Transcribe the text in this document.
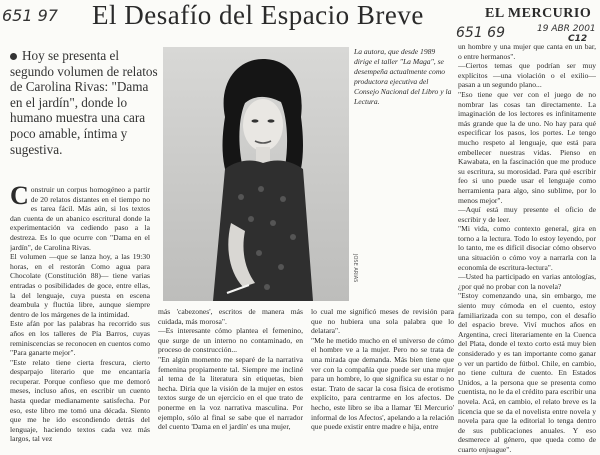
651 97 El Desafío del Espacio Breve	EL MERCURIO
19 ABR 2001
C12
651 69
Hoy se presenta el segundo volumen de relatos de Carolina Rivas: "Dama en el jardín", donde lo humano muestra una cara poco amable, íntima y sugestiva.
La autora, que desde 1989 dirige el taller "La Maga", se desempeña actualmente como productora ejecutiva del Consejo Nacional del Libro y la Lectura.
JOSE ARIAS
Construir un corpus homogéneo a partir de 20 relatos distantes en el tiempo no es tarea fácil. Más aún, si los textos dan cuenta de un abanico escritural donde la experimentación va cediendo paso a la destreza. Es lo que ocurre con "Dama en el jardín", de Carolina Rivas.
El volumen —que se lanza hoy, a las 19:30 horas, en el restorán Como agua para Chocolate (Constitución 88)— tiene varias entradas o posibilidades de goce, entre ellas, la del lenguaje, cuya puesta en escena deambula y fluctúa libre, aunque siempre dentro de los márgenes de la intimidad.
Este afán por las palabras ha recorrido sus años en los talleres de Pía Barros, cuyas reminiscencias se reconocen en cuentos como "Para ganarte mejor".
"Este relato tiene cierta frescura, cierto desparpajo literario que me encantaría recuperar. Porque confieso que me demoró meses, incluso años, en escribir un cuento hasta quedar medianamente satisfecha. Por eso, este libro me tomó una década. Siento que me he ido escondiendo detrás del lenguaje, haciendo textos cada vez más largos, tal vez
más 'cabezones', escritos de manera más cuidada, más morosa".
—Es interesante cómo plantea el femenino, que surge de un interno no contaminado, en proceso de construcción...
"En algún momento me separé de la narrativa femenina propiamente tal. Siempre me incliné al tema de la literatura sin etiquetas, bien hecha. Diría que la visión de la mujer en estos textos surge de un ejercicio en el que trato de ponerme en la voz narrativa masculina. Por ejemplo, sólo al final se sabe que el narrador del cuento 'Dama en el jardín' es una mujer,
lo cual me significó meses de revisión para que no hubiera una sola palabra que lo delatara".
"Me he metido mucho en el universo de cómo el hombre ve a la mujer. Pero no se trata de una mirada que demanda. Más bien tiene que ver con la compañía que puede ser una mujer para un hombre, lo que significa su estar o no estar. Trato de sacar la cosa física de erotismo explícito, para centrarme en los afectos. De hecho, este libro se iba a llamar 'El Mercurio' informal de los Afectos', apelando a la relación que puede existir entre madre e hija, entre
un hombre y una mujer que canta en un bar, o entre hermanos".
—Ciertos temas que podrían ser muy explícitos —una violación o el exilio— pasan a un segundo plano...
"Eso tiene que ver con el juego de no nombrar las cosas tan directamente. La imaginación de los lectores es infinitamente más grande que la de uno. No hay para qué especificar los pasos, los portes. Le tengo mucho respeto al lenguaje, que está para embellecer nuestras vidas. Pienso en Kawabata, en la fascinación que me produce su escritura, su morosidad. Para qué escribir feo si uno puede usar el lenguaje como herramienta para algo, sino sublime, por lo menos mejor".
—Aquí está muy presente el oficio de escribir y de leer.
"Mi vida, como contexto general, gira en torno a la lectura. Todo lo estoy leyendo, por lo tanto, me es difícil disociar cómo observo una situación o cómo voy a narrarla con la economía de escritura-lectura".
—Usted ha participado en varias antologías, ¿por qué no probar con la novela?
"Estoy comenzando una, sin embargo, me siento muy cómoda en el cuento, estoy familiarizada con su tempo, con el desafío del espacio breve. Viví muchos años en Argentina, creci literariamente en la Cuenca del Plata, donde el texto corto está muy bien considerado y es tan importante como ganar o ver un partido de fútbol. Chile, en cambio, no tiene cultura de cuento. En Estados Unidos, a la persona que se presenta como cuentista, no le da el crédito para escribir una novela. Acá, en cambio, el relato breve es la licencia que se da el novelista entre novela y novela para que la editorial lo tenga dentro de sus publicaciones anuales. Y eso desmerece al género, que queda como de cuarto enjuague".
